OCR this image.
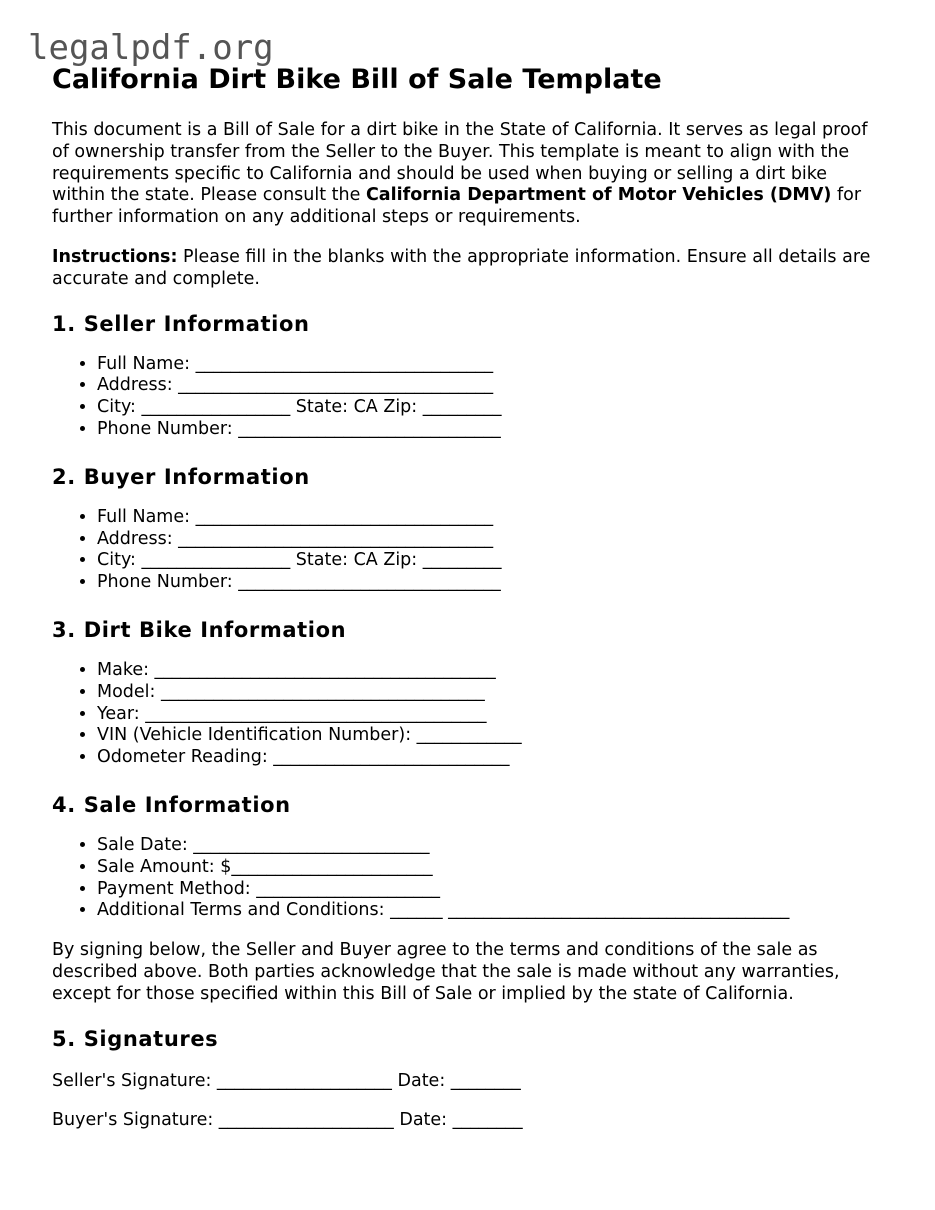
legalpdf.org
California Dirt Bike Bill of Sale Template

This document is a Bill of Sale for a dirt bike in the State of California. It serves as legal proof of ownership transfer from the Seller to the Buyer. This template is meant to align with the requirements specific to California and should be used when buying or selling a dirt bike within the state. Please consult the California Department of Motor Vehicles (DMV) for further information on any additional steps or requirements.

Instructions: Please fill in the blanks with the appropriate information. Ensure all details are accurate and complete.

1. Seller Information
• Full Name: __________________________________
• Address: ____________________________________
• City: _________________ State: CA Zip: _________
• Phone Number: ______________________________
2. Buyer Information
• Full Name: __________________________________
• Address: ____________________________________
• City: _________________ State: CA Zip: _________
• Phone Number: ______________________________
3. Dirt Bike Information
• Make: _______________________________________
• Model: _____________________________________
• Year: _______________________________________
• VIN (Vehicle Identification Number): ____________
• Odometer Reading: ___________________________
4. Sale Information
• Sale Date: ___________________________
• Sale Amount: $_______________________
• Payment Method: _____________________
• Additional Terms and Conditions: ______ _______________________________________

By signing below, the Seller and Buyer agree to the terms and conditions of the sale as described above. Both parties acknowledge that the sale is made without any warranties, except for those specified within this Bill of Sale or implied by the state of California.

5. Signatures

Seller's Signature: ____________________ Date: ________

Buyer's Signature: ____________________ Date: ________
